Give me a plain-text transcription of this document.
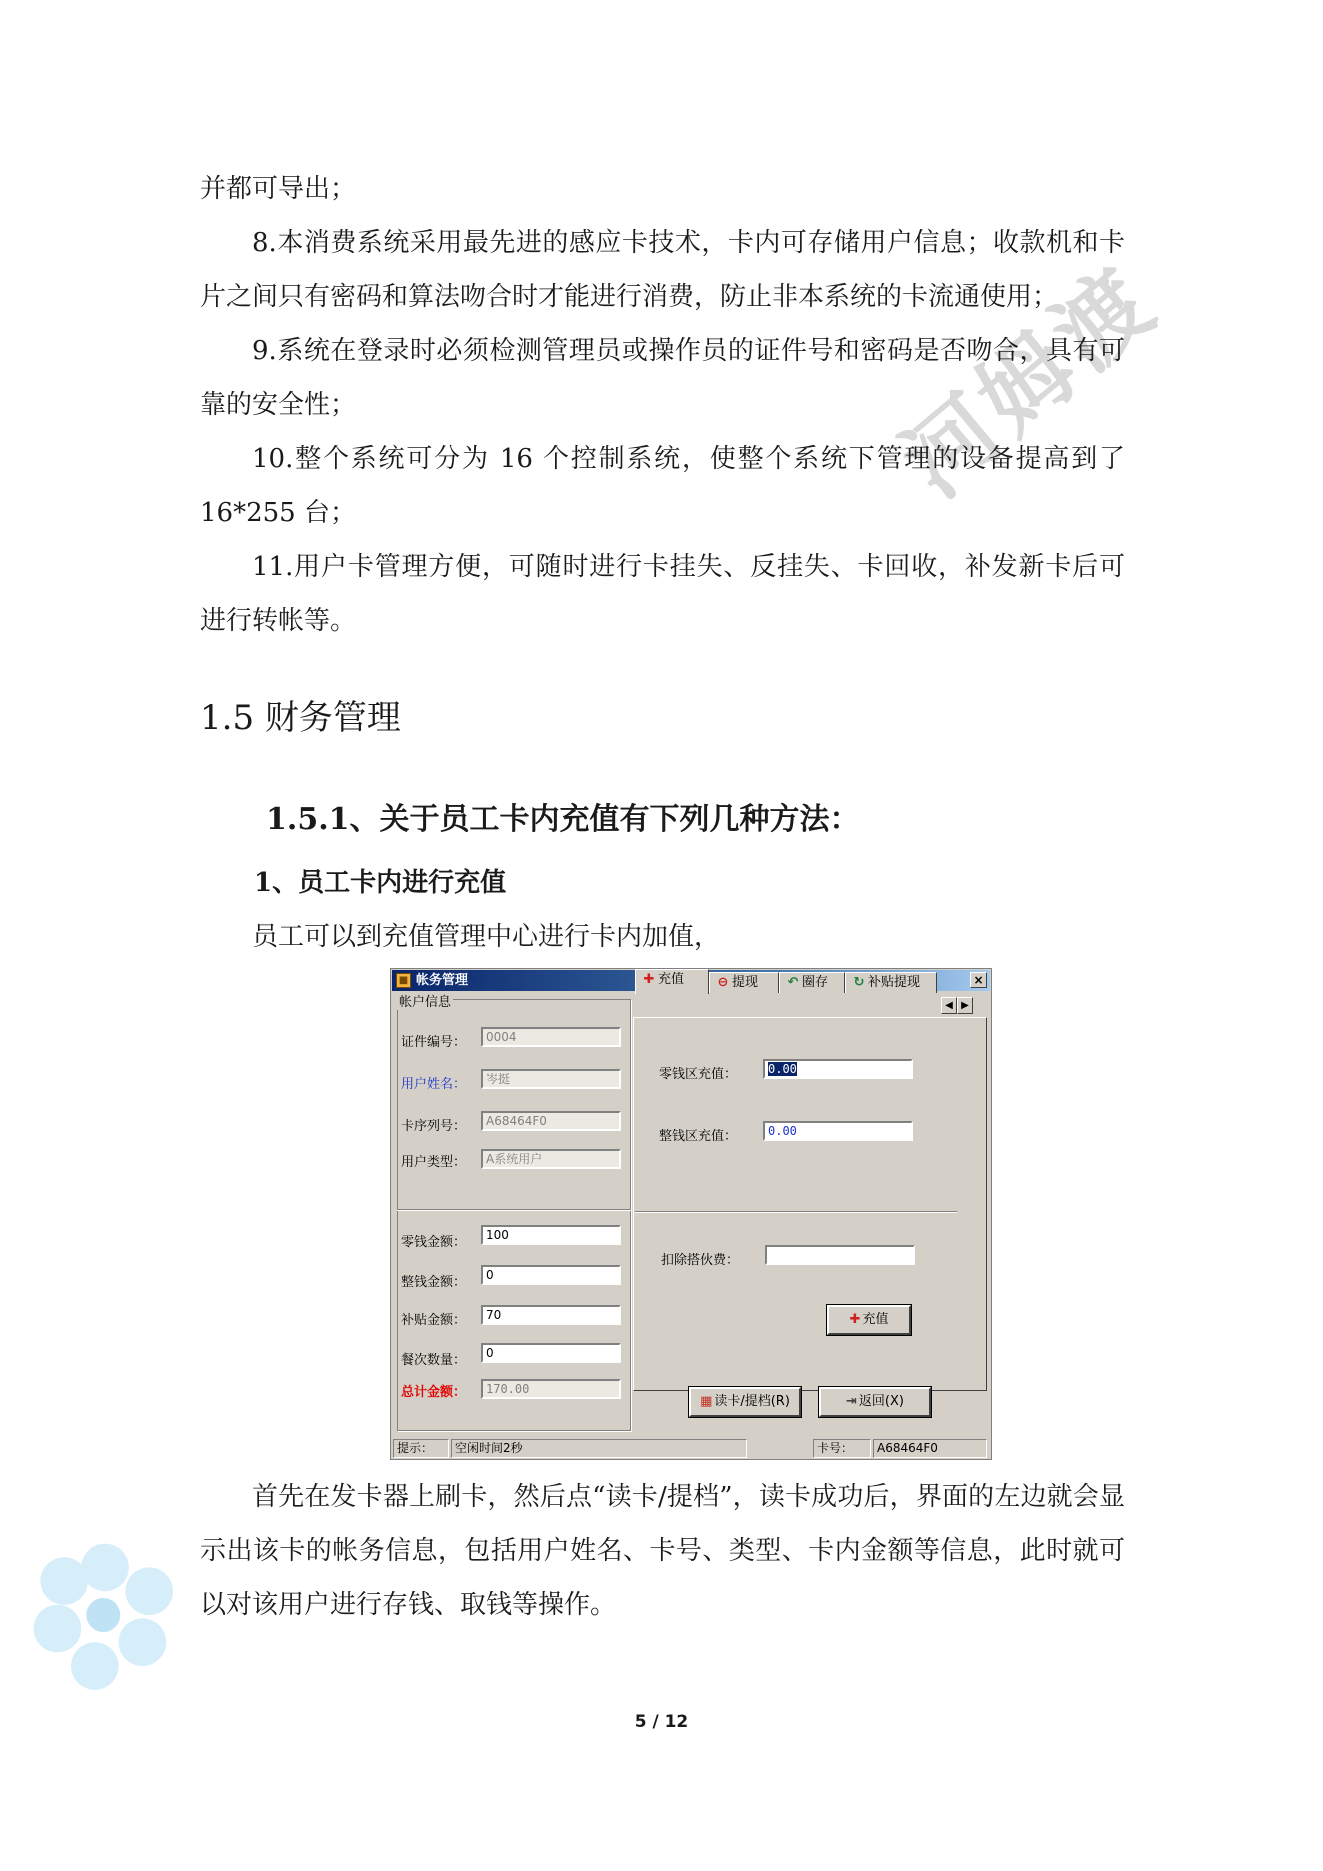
河姆渡

并都可导出；

8.本消费系统采用最先进的感应卡技术，卡内可存储用户信息；收款机和卡片之间只有密码和算法吻合时才能进行消费，防止非本系统的卡流通使用；

9.系统在登录时必须检测管理员或操作员的证件号和密码是否吻合，具有可靠的安全性；

10.整个系统可分为 16 个控制系统，使整个系统下管理的设备提高到了16*255 台；

11.用户卡管理方便，可随时进行卡挂失、反挂失、卡回收，补发新卡后可进行转帐等。

1.5 财务管理
1.5.1、关于员工卡内充值有下列几种方法：
1、员工卡内进行充值

员工可以到充值管理中心进行卡内加值，

■ 帐务管理	×
帐户信息
证件编号：	0004
用户姓名：	岑挺
卡序列号：	A68464F0
用户类型：	A系统用户
零钱金额：	100
整钱金额：	0
补贴金额：	70
餐次数量：	0
总计金额：	170.00
✚ 充值	⊖ 提现	↶ 圈存	↻ 补贴提现
◀ ▶
零钱区充值：	0.00
整钱区充值：	0.00
扣除搭伙费：
✚ 充值
▦ 读卡/提档(R)	⇥ 返回(X)
提示：	空闲时间2秒	卡号：	A68464F0

首先在发卡器上刷卡，然后点“读卡/提档”，读卡成功后，界面的左边就会显示出该卡的帐务信息，包括用户姓名、卡号、类型、卡内金额等信息，此时就可以对该用户进行存钱、取钱等操作。

5 / 12
